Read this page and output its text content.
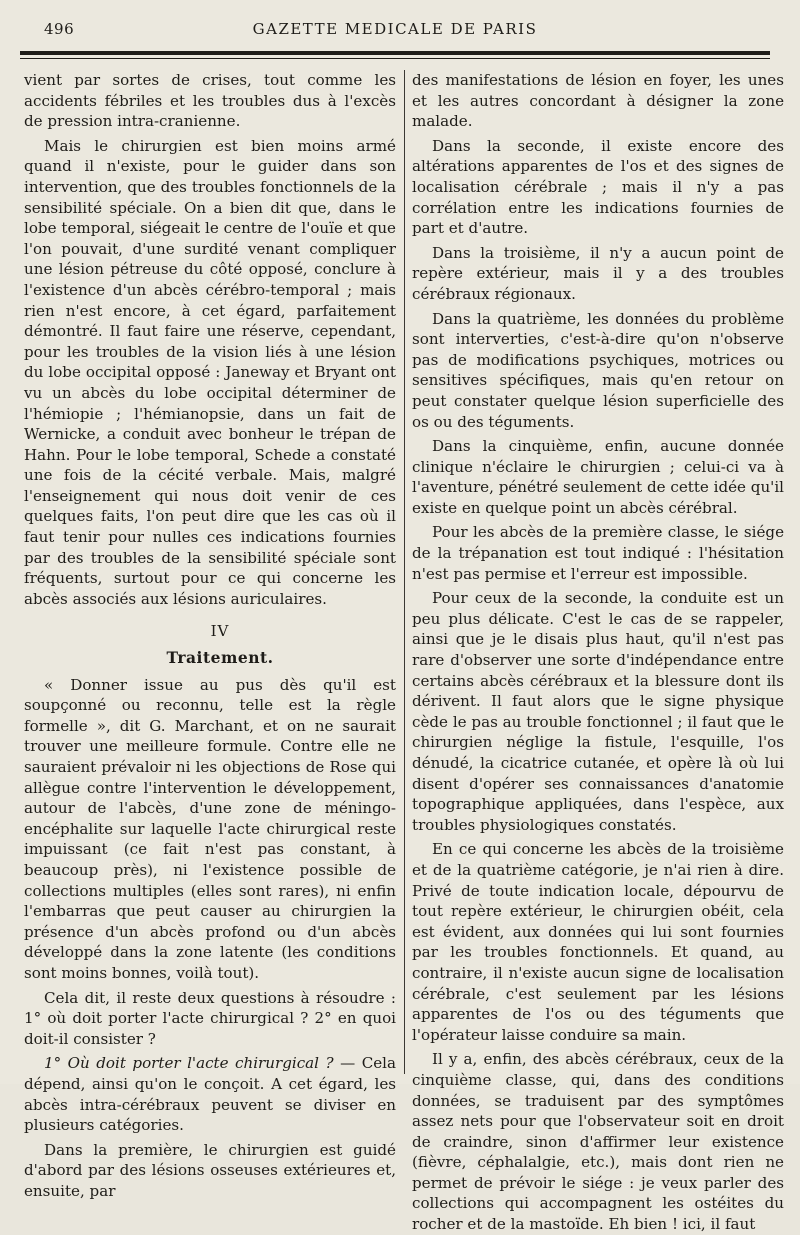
496	GAZETTE MEDICALE DE PARIS

vient par sortes de crises, tout comme les accidents fébriles et les troubles dus à l'excès de pression intra-cranienne.

Mais le chirurgien est bien moins armé quand il n'existe, pour le guider dans son intervention, que des troubles fonctionnels de la sensibilité spéciale. On a bien dit que, dans le lobe temporal, siégeait le centre de l'ouïe et que l'on pouvait, d'une surdité venant compliquer une lésion pétreuse du côté opposé, conclure à l'existence d'un abcès cérébro-temporal ; mais rien n'est encore, à cet égard, parfaitement démontré. Il faut faire une réserve, cependant, pour les troubles de la vision liés à une lésion du lobe occipital opposé : Janeway et Bryant ont vu un abcès du lobe occipital déterminer de l'hémiopie ; l'hémianopsie, dans un fait de Wernicke, a conduit avec bonheur le trépan de Hahn. Pour le lobe temporal, Schede a constaté une fois de la cécité verbale. Mais, malgré l'enseignement qui nous doit venir de ces quelques faits, l'on peut dire que les cas où il faut tenir pour nulles ces indications fournies par des troubles de la sensibilité spéciale sont fréquents, surtout pour ce qui concerne les abcès associés aux lésions auriculaires.

IV

Traitement.

« Donner issue au pus dès qu'il est soupçonné ou reconnu, telle est la règle formelle », dit G. Marchant, et on ne saurait trouver une meilleure formule. Contre elle ne sauraient prévaloir ni les objections de Rose qui allègue contre l'intervention le développement, autour de l'abcès, d'une zone de méningo-encéphalite sur laquelle l'acte chirurgical reste impuissant (ce fait n'est pas constant, à beaucoup près), ni l'existence possible de collections multiples (elles sont rares), ni enfin l'embarras que peut causer au chirurgien la présence d'un abcès profond ou d'un abcès développé dans la zone latente (les conditions sont moins bonnes, voilà tout).

Cela dit, il reste deux questions à résoudre : 1° où doit porter l'acte chirurgical ? 2° en quoi doit-il consister ?

1° Où doit porter l'acte chirurgical ? — Cela dépend, ainsi qu'on le conçoit. A cet égard, les abcès intra-cérébraux peuvent se diviser en plusieurs catégories.

Dans la première, le chirurgien est guidé d'abord par des lésions osseuses extérieures et, ensuite, par

des manifestations de lésion en foyer, les unes et les autres concordant à désigner la zone malade.

Dans la seconde, il existe encore des altérations apparentes de l'os et des signes de localisation cérébrale ; mais il n'y a pas corrélation entre les indications fournies de part et d'autre.

Dans la troisième, il n'y a aucun point de repère extérieur, mais il y a des troubles cérébraux régionaux.

Dans la quatrième, les données du problème sont interverties, c'est-à-dire qu'on n'observe pas de modifications psychiques, motrices ou sensitives spécifiques, mais qu'en retour on peut constater quelque lésion superficielle des os ou des téguments.

Dans la cinquième, enfin, aucune donnée clinique n'éclaire le chirurgien ; celui-ci va à l'aventure, pénétré seulement de cette idée qu'il existe en quelque point un abcès cérébral.

Pour les abcès de la première classe, le siége de la trépanation est tout indiqué : l'hésitation n'est pas permise et l'erreur est impossible.

Pour ceux de la seconde, la conduite est un peu plus délicate. C'est le cas de se rappeler, ainsi que je le disais plus haut, qu'il n'est pas rare d'observer une sorte d'indépendance entre certains abcès cérébraux et la blessure dont ils dérivent. Il faut alors que le signe physique cède le pas au trouble fonctionnel ; il faut que le chirurgien néglige la fistule, l'esquille, l'os dénudé, la cicatrice cutanée, et opère là où lui disent d'opérer ses connaissances d'anatomie topographique appliquées, dans l'espèce, aux troubles physiologiques constatés.

En ce qui concerne les abcès de la troisième et de la quatrième catégorie, je n'ai rien à dire. Privé de toute indication locale, dépourvu de tout repère extérieur, le chirurgien obéit, cela est évident, aux données qui lui sont fournies par les troubles fonctionnels. Et quand, au contraire, il n'existe aucun signe de localisation cérébrale, c'est seulement par les lésions apparentes de l'os ou des téguments que l'opérateur laisse conduire sa main.

Il y a, enfin, des abcès cérébraux, ceux de la cinquième classe, qui, dans des conditions données, se traduisent par des symptômes assez nets pour que l'observateur soit en droit de craindre, sinon d'affirmer leur existence (fièvre, céphalalgie, etc.), mais dont rien ne permet de prévoir le siége : je veux parler des collections qui accompagnent les ostéites du rocher et de la mastoïde. Eh bien ! ici, il faut
